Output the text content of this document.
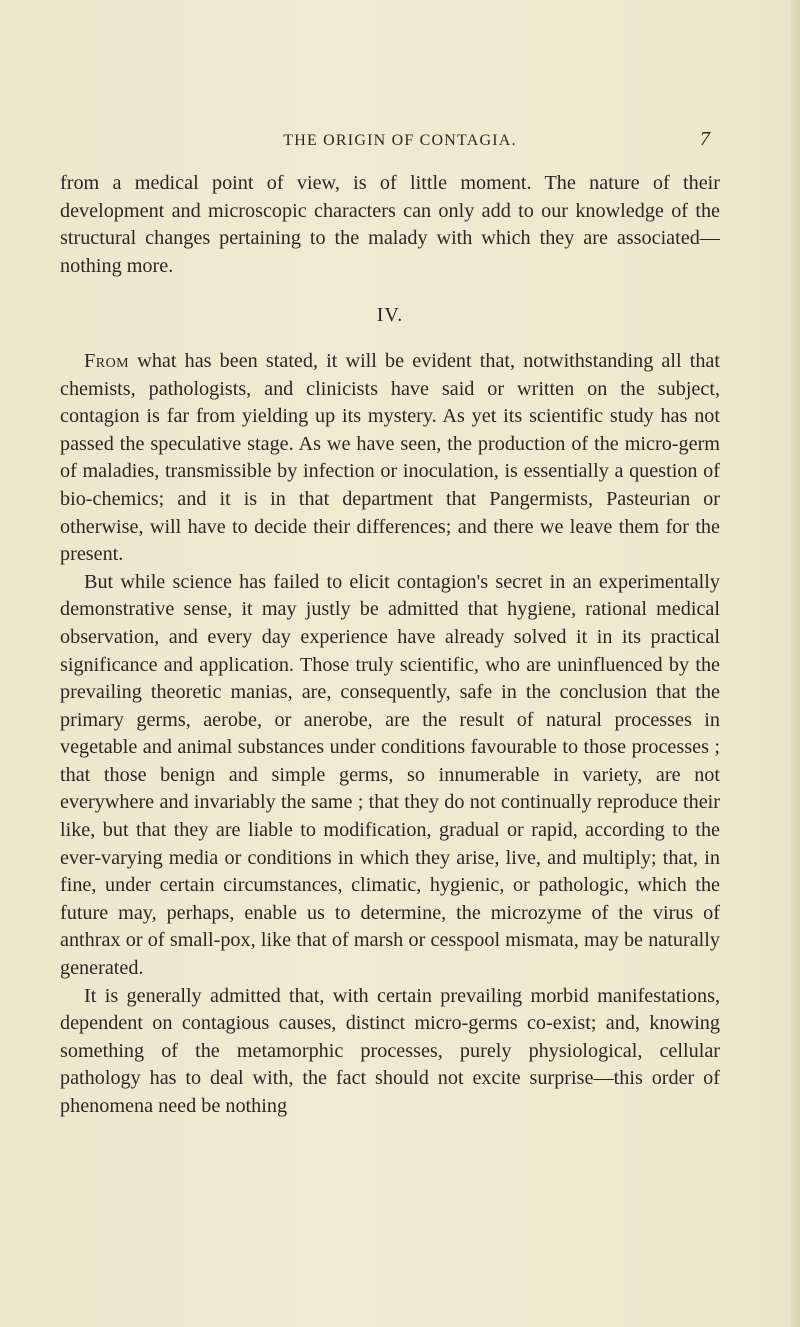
THE ORIGIN OF CONTAGIA.	7

from a medical point of view, is of little moment. The nature of their development and microscopic characters can only add to our knowledge of the structural changes pertaining to the malady with which they are associated—nothing more.

IV.

From what has been stated, it will be evident that, notwithstanding all that chemists, pathologists, and clinicists have said or written on the subject, contagion is far from yielding up its mystery. As yet its scientific study has not passed the speculative stage. As we have seen, the production of the micro-germ of maladies, transmissible by infection or inoculation, is essentially a question of bio-chemics; and it is in that department that Pangermists, Pasteurian or otherwise, will have to decide their differences; and there we leave them for the present.

But while science has failed to elicit contagion's secret in an experimentally demonstrative sense, it may justly be admitted that hygiene, rational medical observation, and every day experience have already solved it in its practical significance and application. Those truly scientific, who are uninfluenced by the prevailing theoretic manias, are, consequently, safe in the conclusion that the primary germs, aerobe, or anerobe, are the result of natural processes in vegetable and animal substances under conditions favourable to those processes ; that those benign and simple germs, so innumerable in variety, are not everywhere and invariably the same ; that they do not continually reproduce their like, but that they are liable to modification, gradual or rapid, according to the ever-varying media or conditions in which they arise, live, and multiply; that, in fine, under certain circumstances, climatic, hygienic, or pathologic, which the future may, perhaps, enable us to determine, the microzyme of the virus of anthrax or of small-pox, like that of marsh or cesspool mismata, may be naturally generated.

It is generally admitted that, with certain prevailing morbid manifestations, dependent on contagious causes, distinct micro-germs co-exist; and, knowing something of the metamorphic processes, purely physiological, cellular pathology has to deal with, the fact should not excite surprise—this order of phenomena need be nothing
